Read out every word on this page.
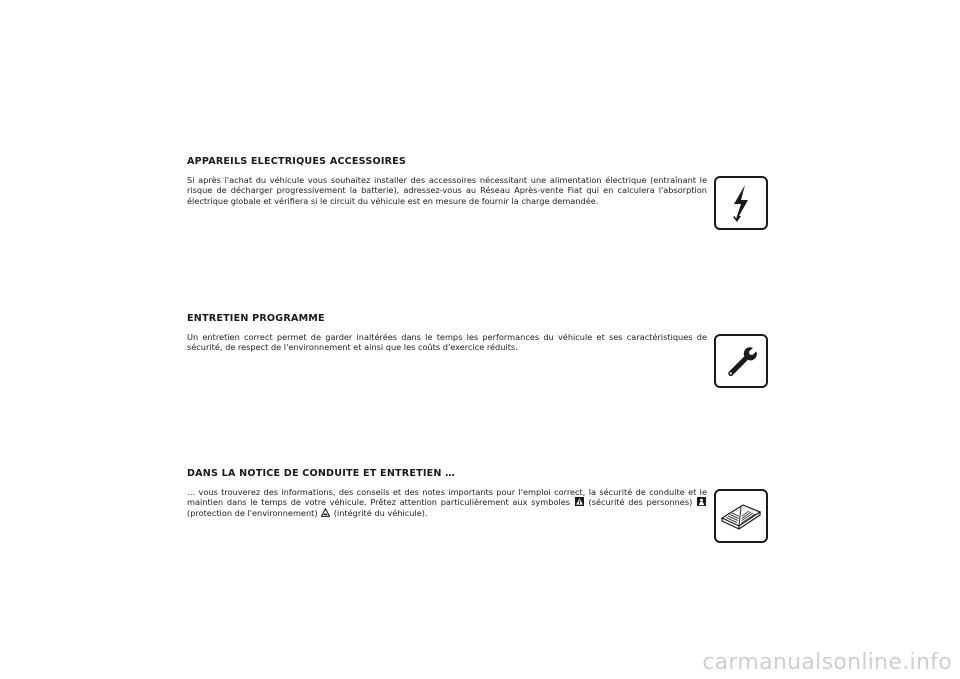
APPAREILS ELECTRIQUES ACCESSOIRES

Si après l'achat du véhicule vous souhaitez installer des accessoires nécessitant une alimentation électrique (entraînant le risque de décharger progressivement la batterie), adressez-vous au Réseau Après-vente Fiat qui en calculera l'absorption électrique globale et vérifiera si le circuit du véhicule est en mesure de fournir la charge demandée.

ENTRETIEN PROGRAMME

Un entretien correct permet de garder inaltérées dans le temps les performances du véhicule et ses caractéristiques de sécurité, de respect de l'environnement et ainsi que les coûts d'exercice réduits.

DANS LA NOTICE DE CONDUITE ET ENTRETIEN …

… vous trouverez des informations, des conseils et des notes importants pour l'emploi correct, la sécurité de conduite et le maintien dans le temps de votre véhicule. Prêtez attention particulièrement aux symboles (sécurité des personnes)  (protection de l'environnement) (intégrité du véhicule).

carmanualsonline.info
